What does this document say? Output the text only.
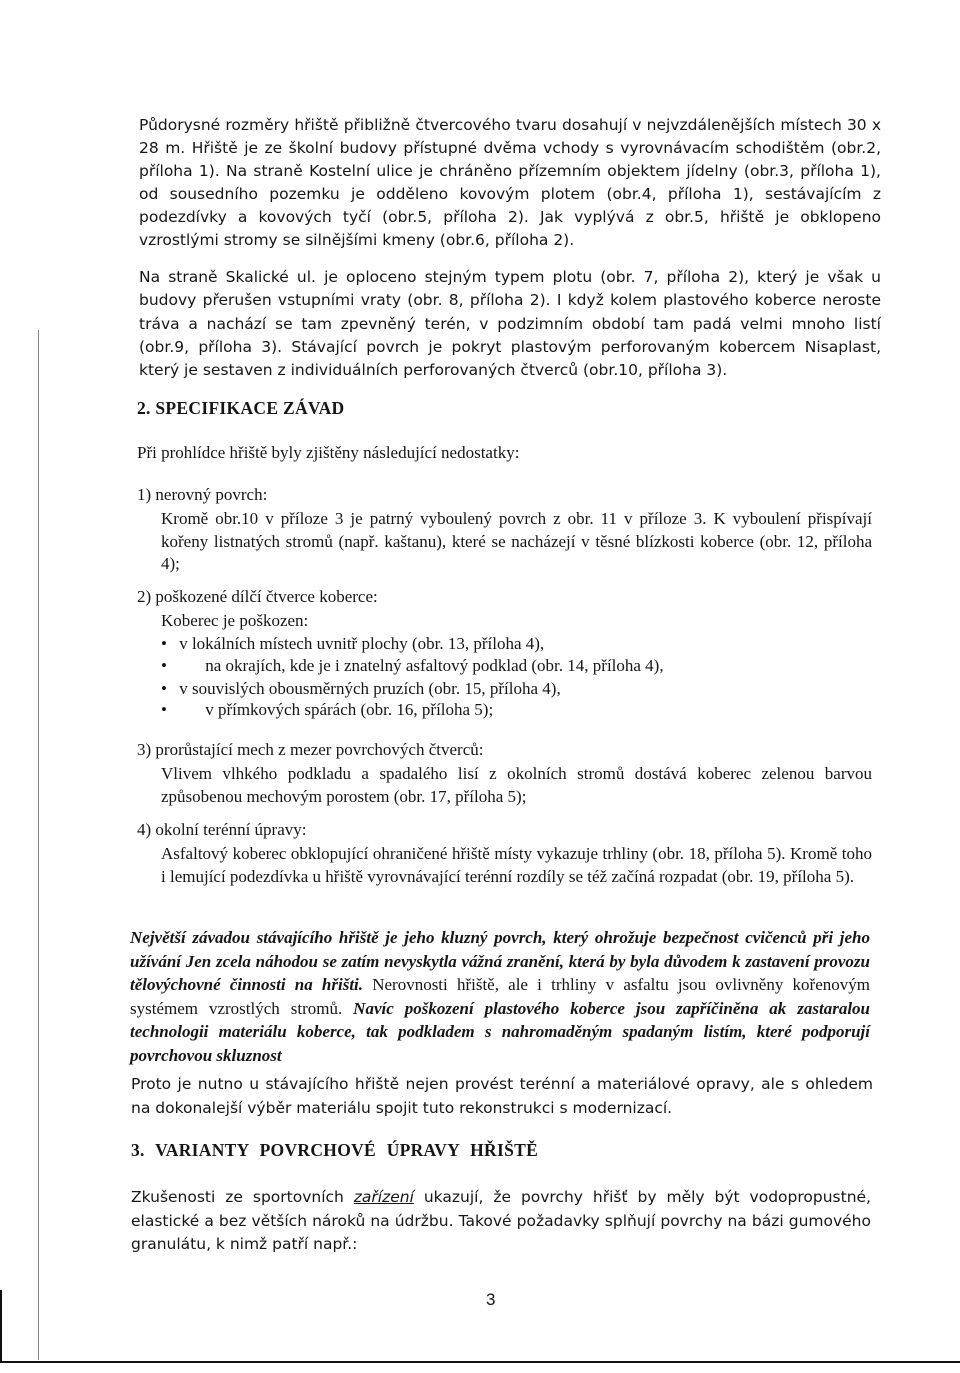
Půdorysné rozměry hřiště přibližně čtvercového tvaru dosahují v nejvzdálenějších místech 30 x 28 m. Hřiště je ze školní budovy přístupné dvěma vchody s vyrovnávacím schodištěm (obr.2, příloha 1). Na straně Kostelní ulice je chráněno přízemním objektem jídelny (obr.3, příloha 1), od sousedního pozemku je odděleno kovovým plotem (obr.4, příloha 1), sestávajícím z podezdívky a kovových tyčí (obr.5, příloha 2). Jak vyplývá z obr.5, hřiště je obklopeno vzrostlými stromy se silnějšími kmeny (obr.6, příloha 2).

Na straně Skalické ul. je oploceno stejným typem plotu (obr. 7, příloha 2), který je však u budovy přerušen vstupními vraty (obr. 8, příloha 2). I když kolem plastového koberce neroste tráva a nachází se tam zpevněný terén, v podzimním období tam padá velmi mnoho listí (obr.9, příloha 3). Stávající povrch je pokryt plastovým perforovaným kobercem Nisaplast, který je sestaven z individuálních perforovaných čtverců (obr.10, příloha 3).

2. SPECIFIKACE ZÁVAD

Při prohlídce hřiště byly zjištěny následující nedostatky:

1) nerovný povrch:

Kromě obr.10 v příloze 3 je patrný vyboulený povrch z obr. 11 v příloze 3. K vyboulení přispívají kořeny listnatých stromů (např. kaštanu), které se nacházejí v těsné blízkosti koberce (obr. 12, příloha 4);

2) poškozené dílčí čtverce koberce:

Koberec je poškozen:

• v lokálních místech uvnitř plochy (obr. 13, příloha 4),
• na okrajích, kde je i znatelný asfaltový podklad (obr. 14, příloha 4),
• v souvislých obousměrných pruzích (obr. 15, příloha 4),
• v přímkových spárách (obr. 16, příloha 5);

3) prorůstající mech z mezer povrchových čtverců:

Vlivem vlhkého podkladu a spadalého lisí z okolních stromů dostává koberec zelenou barvou způsobenou mechovým porostem (obr. 17, příloha 5);

4) okolní terénní úpravy:

Asfaltový koberec obklopující ohraničené hřiště místy vykazuje trhliny (obr. 18, příloha 5). Kromě toho i lemující podezdívka u hřiště vyrovnávající terénní rozdíly se též začíná rozpadat (obr. 19, příloha 5).

Největší závadou stávajícího hřiště je jeho kluzný povrch, který ohrožuje bezpečnost cvičenců při jeho užívání Jen zcela náhodou se zatím nevyskytla vážná zranění, která by byla důvodem k zastavení provozu tělovýchovné činnosti na hřišti. Nerovnosti hřiště, ale i trhliny v asfaltu jsou ovlivněny kořenovým systémem vzrostlých stromů. Navíc poškození plastového koberce jsou zapříčiněna ak zastaralou technologii materiálu koberce, tak podkladem s nahromaděným spadaným listím, které podporují povrchovou skluznost

Proto je nutno u stávajícího hřiště nejen provést terénní a materiálové opravy, ale s ohledem na dokonalejší výběr materiálu spojit tuto rekonstrukci s modernizací.

3. VARIANTY POVRCHOVÉ ÚPRAVY HŘIŠTĚ

Zkušenosti ze sportovních zařízení ukazují, že povrchy hřišť by měly být vodopropustné, elastické a bez větších nároků na údržbu. Takové požadavky splňují povrchy na bázi gumového granulátu, k nimž patří např.:

3
